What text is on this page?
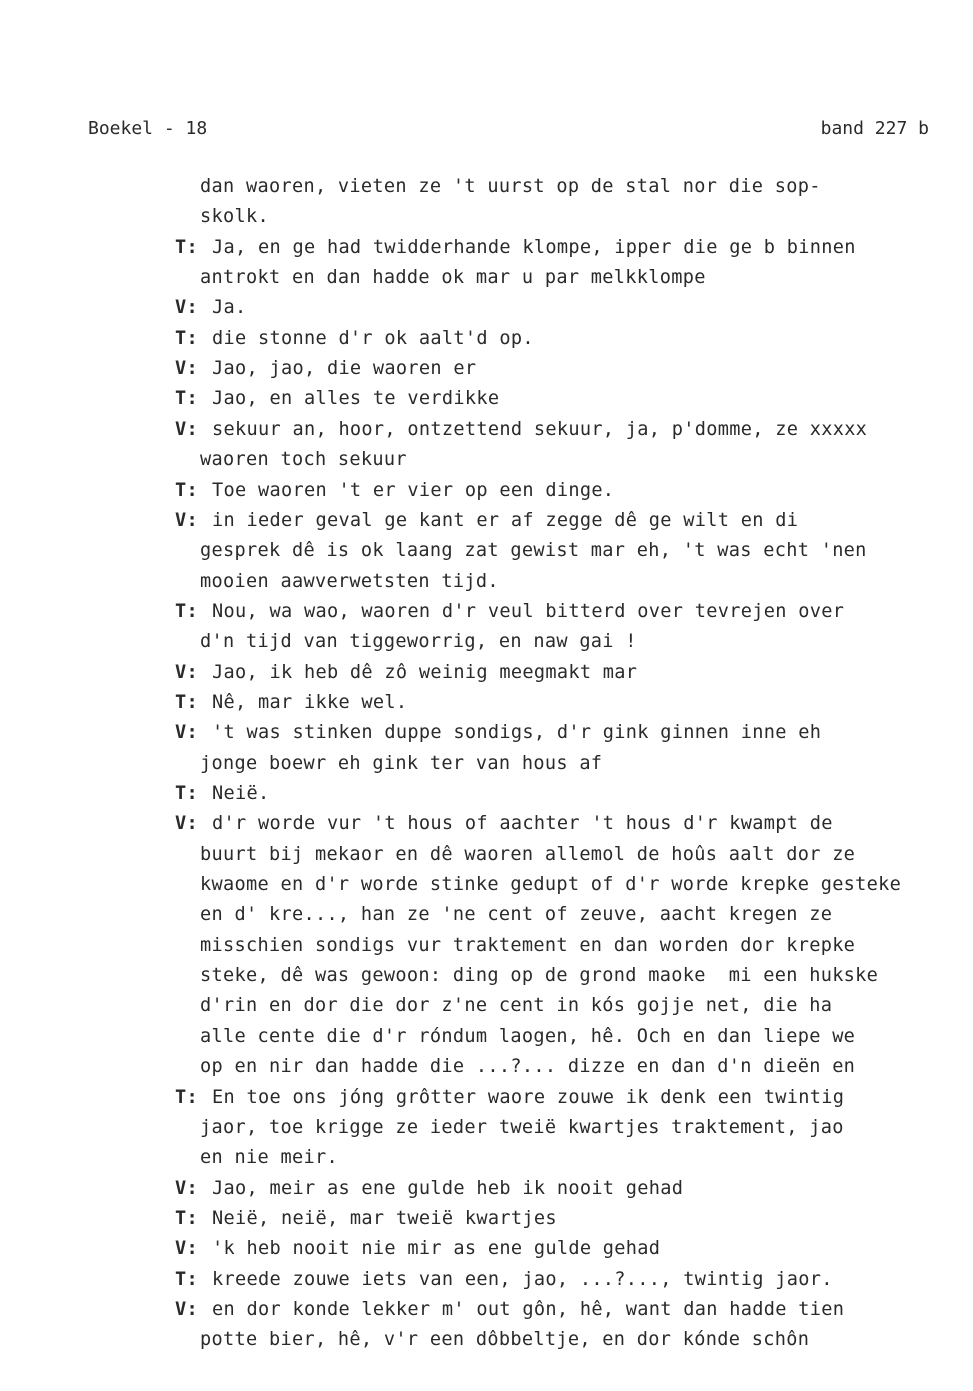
Boekel - 18	band 227 b
dan waoren, vieten ze 't uurst op de stal nor die sop-
skolk.
T: Ja, en ge had twidderhande klompe, ipper die ge b binnen
antrokt en dan hadde ok mar u par melkklompe
V: Ja.
T: die stonne d'r ok aalt'd op.
V: Jao, jao, die waoren er
T: Jao, en alles te verdikke
V: sekuur an, hoor, ontzettend sekuur, ja, p'domme, ze xxxxx
waoren toch sekuur
T: Toe waoren 't er vier op een dinge.
V: in ieder geval ge kant er af zegge dê ge wilt en di
gesprek dê is ok laang zat gewist mar eh, 't was echt 'nen
mooien aawverwetsten tijd.
T: Nou, wa wao, waoren d'r veul bitterd over tevrejen over
d'n tijd van tiggeworrig, en naw gai !
V: Jao, ik heb dê zô weinig meegmakt mar
T: Nê, mar ikke wel.
V: 't was stinken duppe sondigs, d'r gink ginnen inne eh
jonge boewr eh gink ter van hous af
T: Neië.
V: d'r worde vur 't hous of aachter 't hous d'r kwampt de
buurt bij mekaor en dê waoren allemol de hoûs aalt dor ze
kwaome en d'r worde stinke gedupt of d'r worde krepke gesteke
en d' kre..., han ze 'ne cent of zeuve, aacht kregen ze
misschien sondigs vur traktement en dan worden dor krepke
steke, dê was gewoon: ding op de grond maoke  mi een hukske
d'rin en dor die dor z'ne cent in kós gojje net, die ha
alle cente die d'r róndum laogen, hê. Och en dan liepe we
op en nir dan hadde die ...?... dizze en dan d'n dieën en
T: En toe ons jóng grôtter waore zouwe ik denk een twintig
jaor, toe krigge ze ieder tweië kwartjes traktement, jao
en nie meir.
V: Jao, meir as ene gulde heb ik nooit gehad
T: Neië, neië, mar tweië kwartjes
V: 'k heb nooit nie mir as ene gulde gehad
T: kreede zouwe iets van een, jao, ...?..., twintig jaor.
V: en dor konde lekker m' out gôn, hê, want dan hadde tien
potte bier, hê, v'r een dôbbeltje, en dor kónde schôn
